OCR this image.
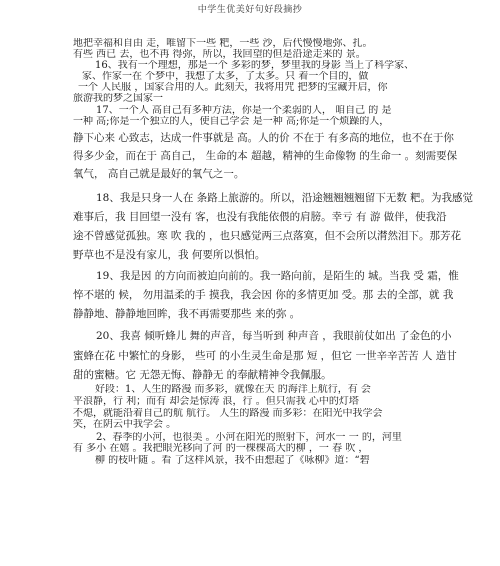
中学生优美好句好段摘抄
地把幸福和自由 走，唯留下一些 粑，一些 沙，后代慢慢地弥、扎。
有些 西已 去，也不再 得弥，所以，我回望的但是沿途走来的 景。
16、我有一个理想，那是一个 多彩的梦，梦里我的身影 当上了科学家、
家、作家一在 个梦中，我想了太多，了太多。只 着一个目的，做
一个 人民服 ，国家合用的人。此刻天，我将用咒 把梦的宝藏开启，你
旅游我的梦之国家一
17、一个人 高自己有多种方法，你是一个柔弱的人， 咱自己 的 是
一种 高;你是一个独立的人，使自己学会 是一种 高;你是一个烦躁的人，
静下心来 心致志，达成一件事就是 高。人的价 不在于 有多高的地位，也不在于你
得多少金，而在于 高自己， 生命的本 超越，精神的生命像物 的生命一 。刻需要保
氧气， 高自己就是最好的氧气之一。
18、我是只身一人在 条路上旅游的。所以，沿途翘翘翘翘留下无数 粑。为我感觉
难事后，我 目回望一没有 客，也没有我能依偎的肩膀。幸亏 有 游 做伴，使我沿
途不曾感觉孤独。寒 吹 我的 ，也只感觉两三点落寞，但不会所以潸然泪下。那芳花
野草也不是没有家儿，我 何要所以惧怕。
19、我是因 的方向而被迫向前的。我一路向前，是陌生的 城。当我 受 霜，惟
悴不堪的 候， 勿用温柔的手 摸我，我会因 你的多情更加 受。那 去的全部，就 我
静静地、静静地回眸，我不再需要那些 来的弥 。
20、我喜 倾听蜂儿 舞的声音，每当听到 种声音 ，我眼前仗如出 了金色的小
蜜蜂在花 中繁忙的身影， 些可 的小生灵生命是那 短 ，但它 一世辛辛苦苦 人 造甘
甜的蜜糖。它 无怨无悔、静静无 的奉献精神令我佩服。
好段：1、人生的路漫 而多彩，就像在天 的海洋上航行，有 会
平浪静，行 利；而有 却会是惊涛 浪，行 。但只需我 心中的灯塔
不熄，就能沿着自己的航 航行。 人生的路漫 而多彩：在阳光中我学会
笑，在阴云中我学会 。
2、春季的小河，也很美 。小河在阳光的照射下，河水一 一 的，河里
有 多小 在嬉 。我把眼光移向了河 的一棵棵高大的柳 ，一 春 吹 ，
柳 的枝叶随 。看 了这样风景，我不由想起了《咏柳》道：“碧
